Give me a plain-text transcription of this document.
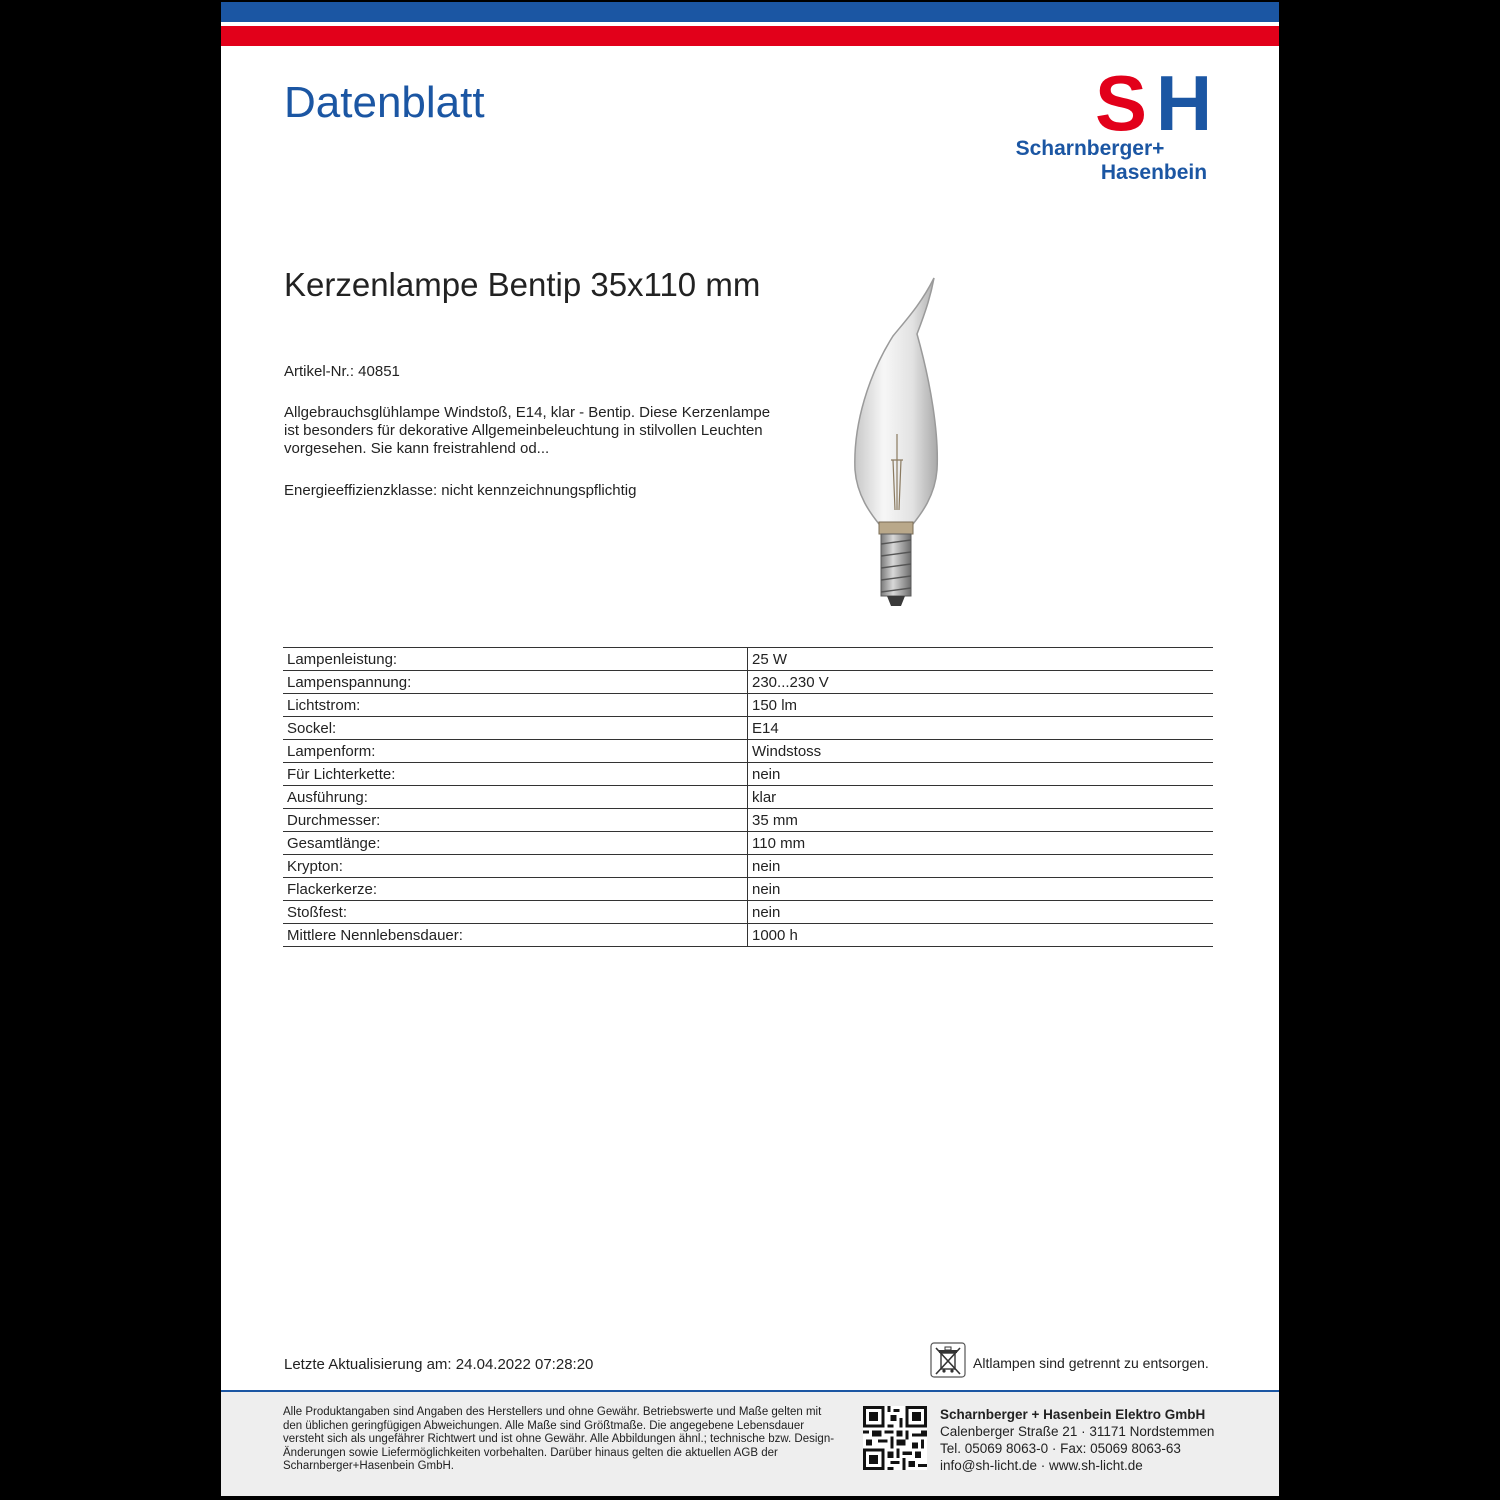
Datenblatt	S H
Scharnberger+
Hasenbein
Kerzenlampe Bentip 35x110 mm
Artikel-Nr.: 40851
Allgebrauchsglühlampe Windstoß, E14, klar - Bentip. Diese Kerzenlampe ist besonders für dekorative Allgemeinbeleuchtung in stilvollen Leuchten vorgesehen. Sie kann freistrahlend od...
Energieeffizienzklasse: nicht kennzeichnungspflichtig
Lampenleistung:	25 W
Lampenspannung:	230...230 V
Lichtstrom:	150 lm
Sockel:	E14
Lampenform:	Windstoss
Für Lichterkette:	nein
Ausführung:	klar
Durchmesser:	35 mm
Gesamtlänge:	110 mm
Krypton:	nein
Flackerkerze:	nein
Stoßfest:	nein
Mittlere Nennlebensdauer:	1000 h
Letzte Aktualisierung am: 24.04.2022 07:28:20	Altlampen sind getrennt zu entsorgen.
Alle Produktangaben sind Angaben des Herstellers und ohne Gewähr. Betriebswerte und Maße gelten mit den üblichen geringfügigen Abweichungen. Alle Maße sind Größtmaße. Die angegebene Lebensdauer versteht sich als ungefährer Richtwert und ist ohne Gewähr. Alle Abbildungen ähnl.; technische bzw. Design-Änderungen sowie Liefermöglichkeiten vorbehalten. Darüber hinaus gelten die aktuellen AGB der Scharnberger+Hasenbein GmbH.
Scharnberger + Hasenbein Elektro GmbH
Calenberger Straße 21 · 31171 Nordstemmen
Tel. 05069 8063-0 · Fax: 05069 8063-63
info@sh-licht.de · www.sh-licht.de
